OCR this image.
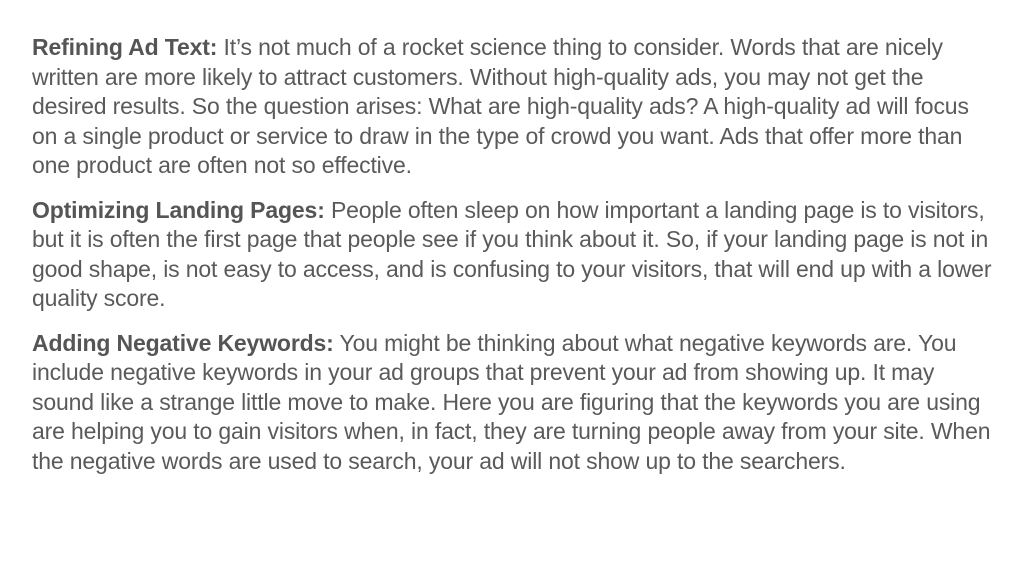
Refining Ad Text: It’s not much of a rocket science thing to consider. Words that are nicely written are more likely to attract customers. Without high-quality ads, you may not get the desired results. So the question arises: What are high-quality ads? A high-quality ad will focus on a single product or service to draw in the type of crowd you want. Ads that offer more than one product are often not so effective.

Optimizing Landing Pages: People often sleep on how important a landing page is to visitors, but it is often the first page that people see if you think about it. So, if your landing page is not in good shape, is not easy to access, and is confusing to your visitors, that will end up with a lower quality score.

Adding Negative Keywords: You might be thinking about what negative keywords are. You include negative keywords in your ad groups that prevent your ad from showing up. It may sound like a strange little move to make. Here you are figuring that the keywords you are using are helping you to gain visitors when, in fact, they are turning people away from your site. When the negative words are used to search, your ad will not show up to the searchers.
